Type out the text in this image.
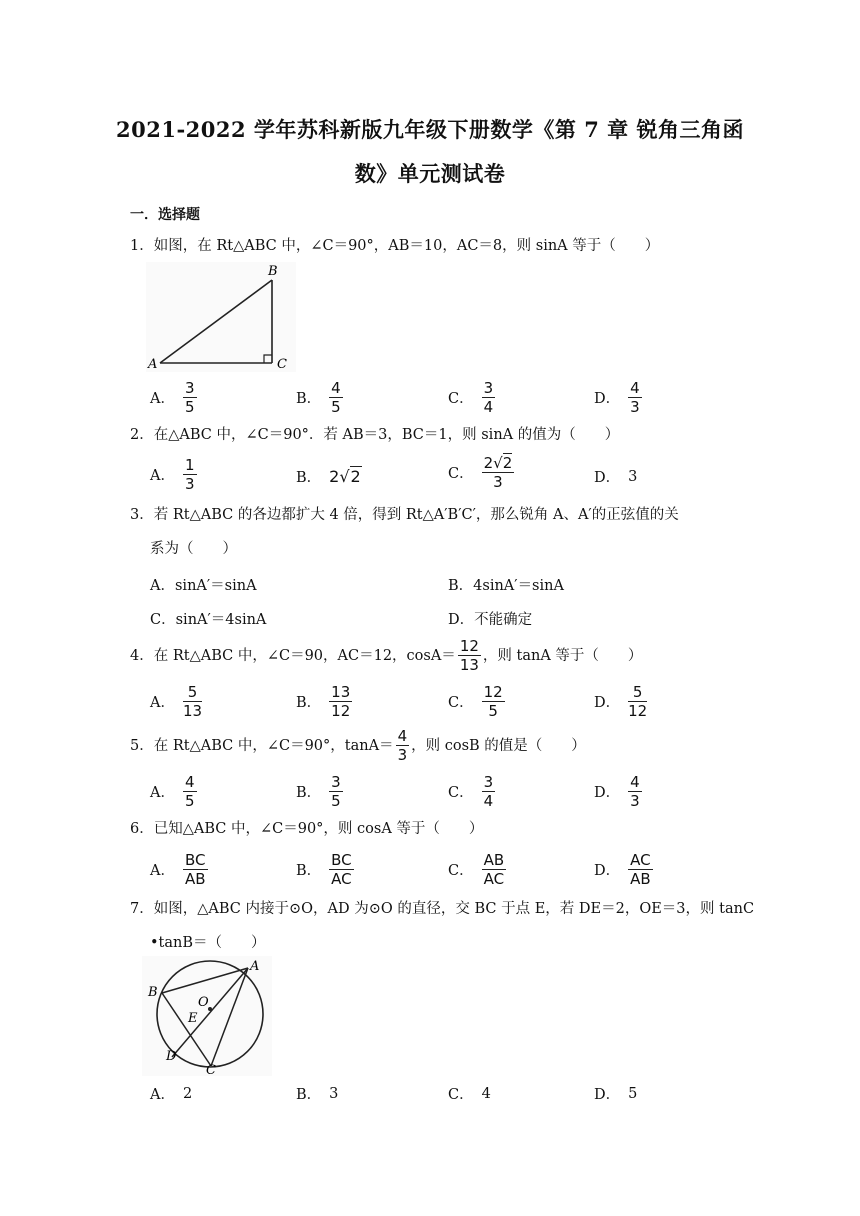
2021-2022 学年苏科新版九年级下册数学《第 7 章 锐角三角函
数》单元测试卷
一．选择题
1．如图，在 Rt△ABC 中，∠C＝90°，AB＝10，AC＝8，则 sinA 等于（　　）
A
B
C
A． $\frac{3}{5}$	B． $\frac{4}{5}$	C． $\frac{3}{4}$	D． $\frac{4}{3}$
2．在△ABC 中，∠C＝90°．若 AB＝3，BC＝1，则 sinA 的值为（　　）
A． $\frac{1}{3}$	B． 2√2	C． $\frac{2√2}{3}$	D． 3
3．若 Rt△ABC 的各边都扩大 4 倍，得到 Rt△A′B′C′，那么锐角 A、A′的正弦值的关
系为（　　）
A． sinA′＝sinA	B． 4sinA′＝sinA
C． sinA′＝4sinA	D． 不能确定
4．在 Rt△ABC 中，∠C＝90，AC＝12，$\cos A= \frac{12}{13}$ ，则 tanA 等于（　　）
A． $\frac{5}{13}$	B． $\frac{13}{12}$	C． $\frac{12}{5}$	D． $\frac{5}{12}$
5．在 Rt△ABC 中，∠C＝90°，$\tan A= \frac{4}{3}$ ，则 cosB 的值是（　　）
A． $\frac{4}{5}$	B． $\frac{3}{5}$	C． $\frac{3}{4}$	D． $\frac{4}{3}$
6．已知△ABC 中，∠C＝90°，则 cosA 等于（　　）
A． $\frac{BC}{AB}$	B． $\frac{BC}{AC}$	C． $\frac{AB}{AC}$	D． $\frac{AC}{AB}$
7．如图，△ABC 内接于⊙O，AD 为⊙O 的直径，交 BC 于点 E，若 DE＝2，OE＝3，则 tanC
•tanB＝（　　）
A
B
C
D
E
O
A． 2	B． 3	C． 4	D． 5
